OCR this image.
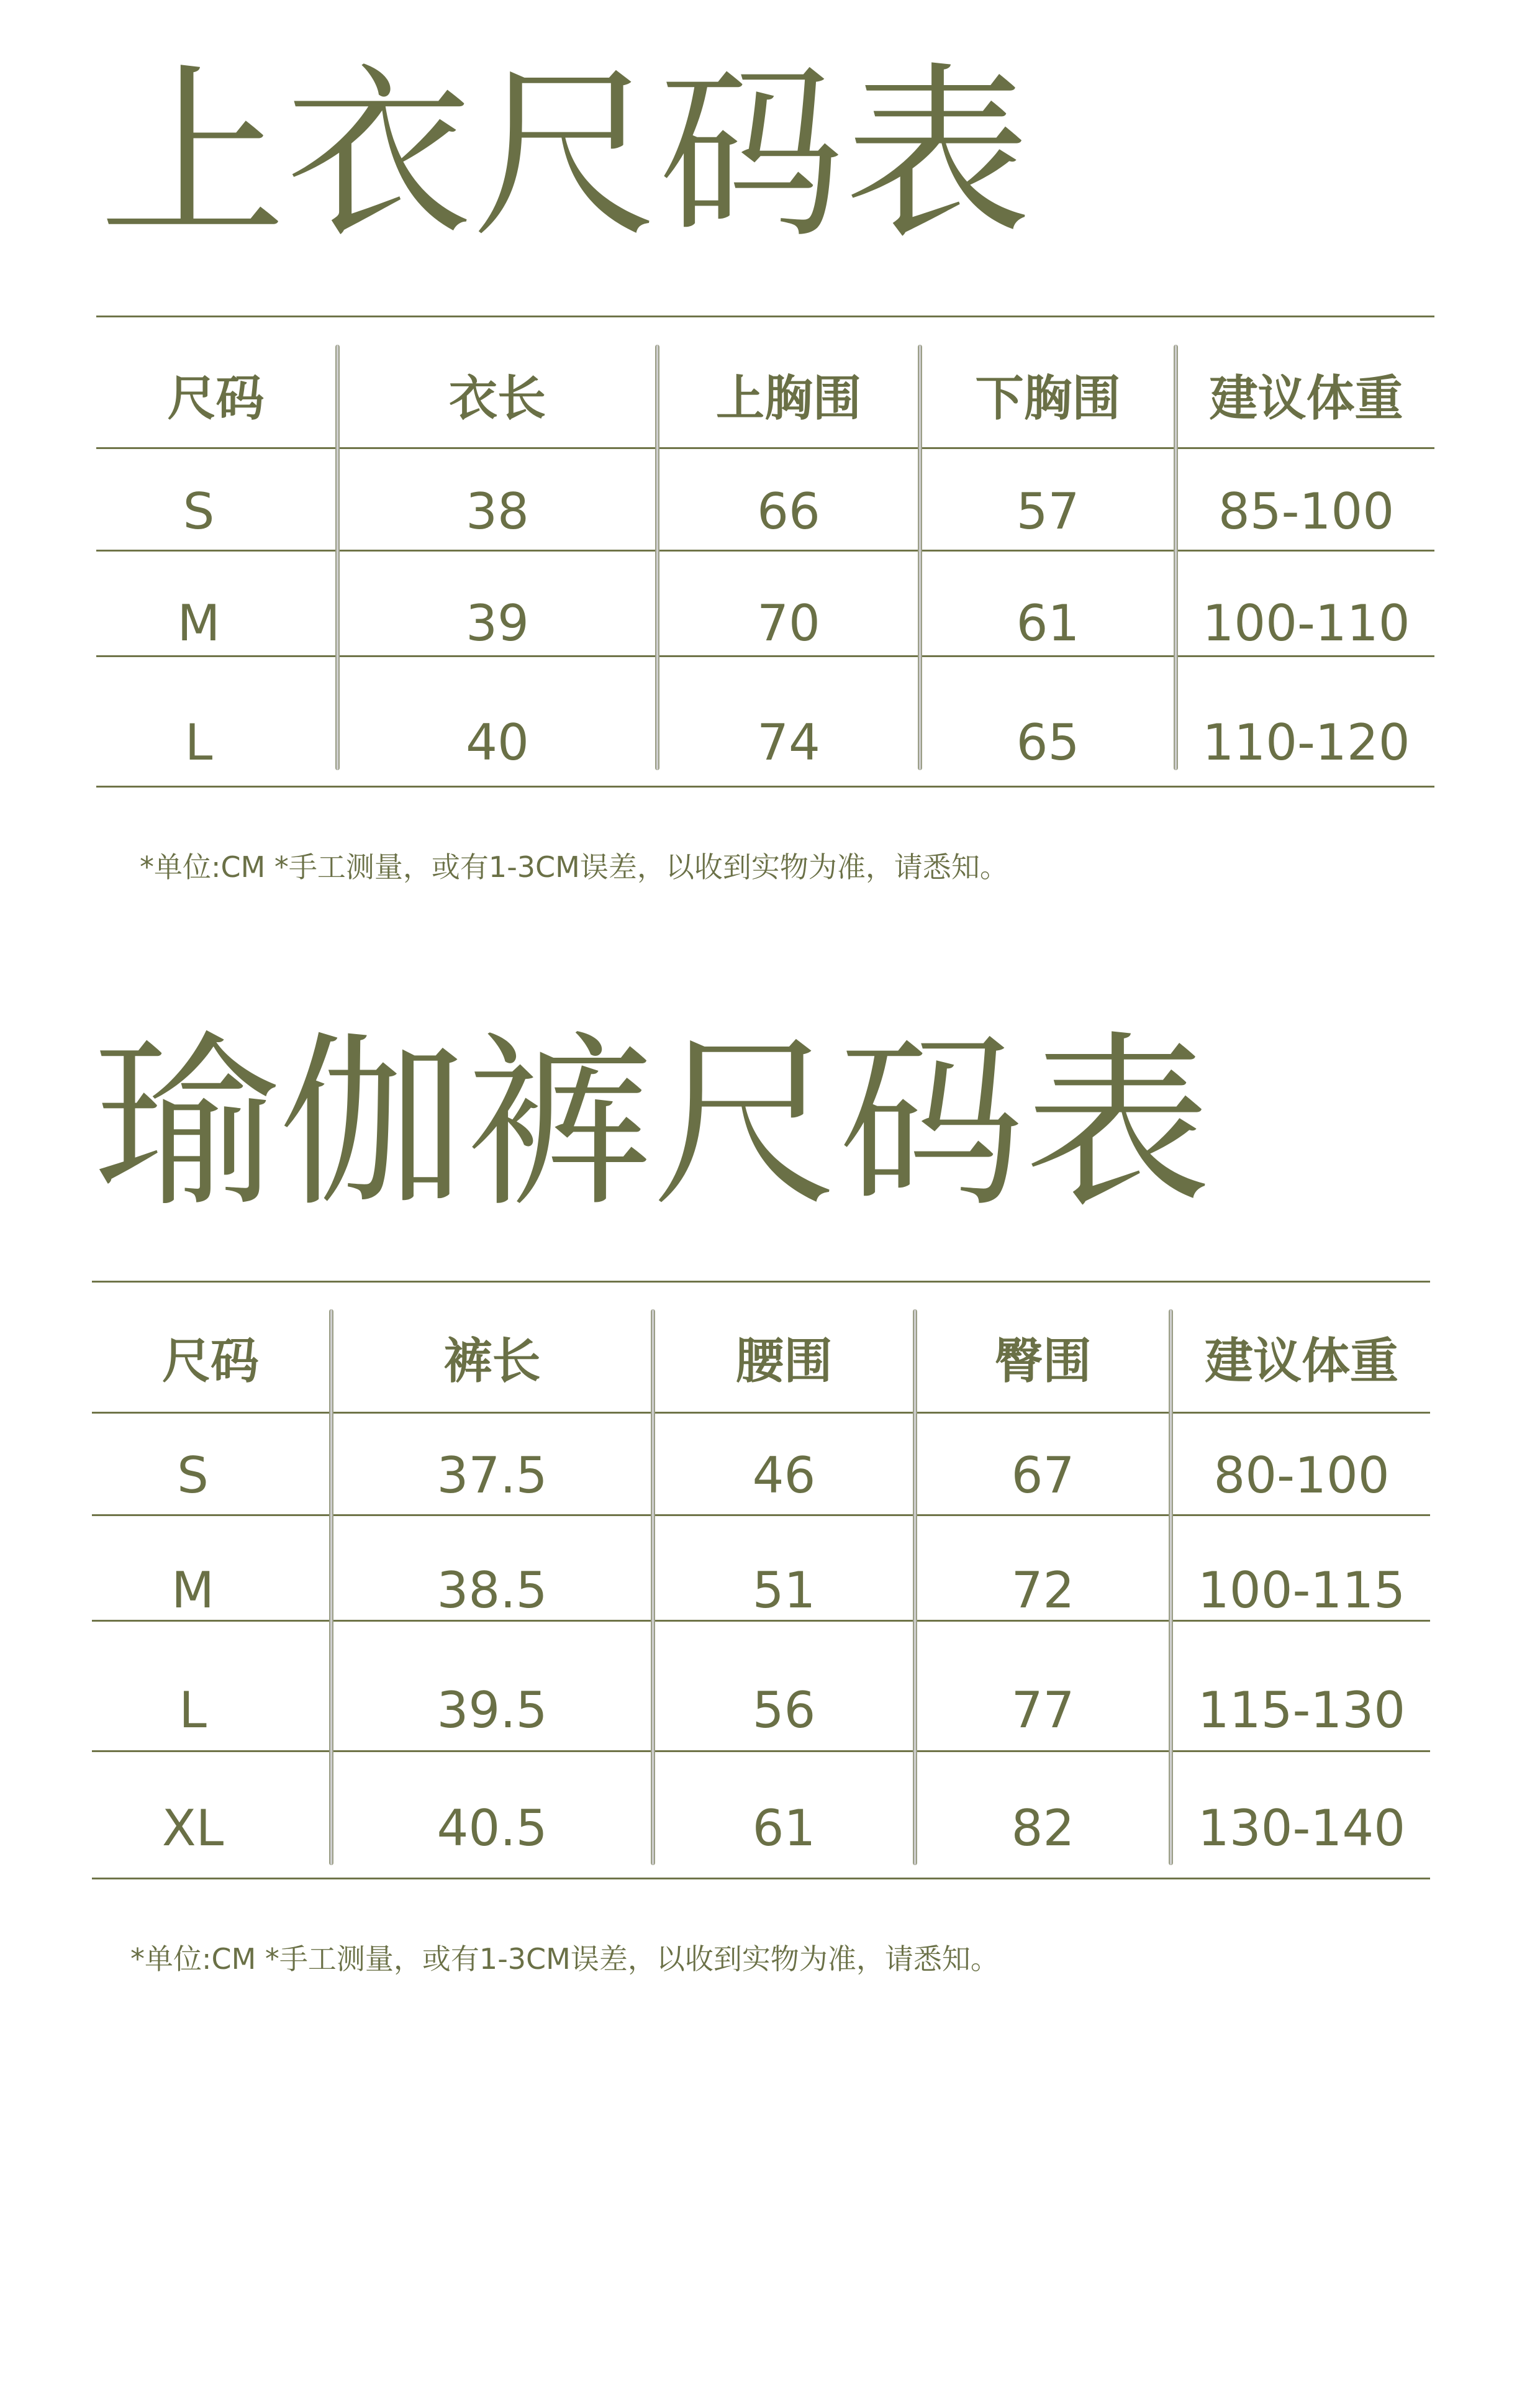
上衣尺码表
尺码	衣长	上胸围	下胸围	建议体重
S	38	66	57	85-100
M	39	70	61	100-110
L	40	74	65	110-120
*单位:CM *手工测量，或有1-3CM误差，以收到实物为准，请悉知。
瑜伽裤尺码表
尺码	裤长	腰围	臀围	建议体重
S	37.5	46	67	80-100
M	38.5	51	72	100-115
L	39.5	56	77	115-130
XL	40.5	61	82	130-140
*单位:CM *手工测量，或有1-3CM误差，以收到实物为准，请悉知。
